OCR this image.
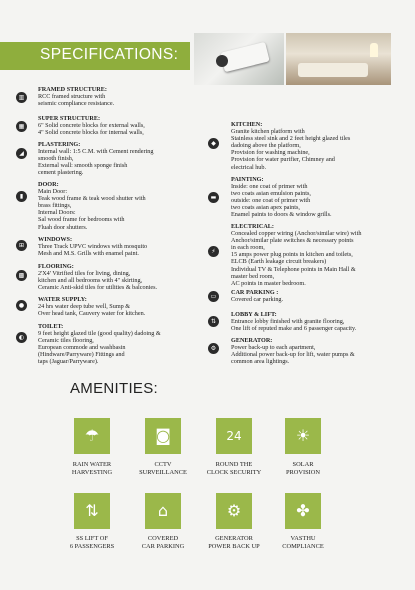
SPECIFICATIONS:
▥
FRAMED STRUCTURE:
RCC framed structure with
seismic compliance resistance.
▦
SUPER STRUCTURE:
6" Solid concrete blocks for external walls,
4" Solid concrete blocks for internal walls,
◢
PLASTERING:
Internal wall: 1:5 C.M. with Cement rendering
smooth finish,
External wall: smooth sponge finish
cement plastering.
▮
DOOR:
Main Door:
Teak wood frame & teak wood shutter with
brass fittings,
Internal Doors:
Sal wood frame for bedrooms with
Fluah door shutters.
⊞
WINDOWS:
Three Track UPVC windows with mosquito
Mesh and M.S. Grills with enamel paint.
▩
FLOORING:
2'X4' Vitrified tiles for living, dining,
kitchen and all bedrooms with 4" skirting,
Ceramic Anti-skid tiles for utilities & balconies.
●
WATER SUPPLY:
24 hrs water deep tube well, Sump &
Over head tank, Cauvery water for kitchen.
◐
TOILET:
9 feet height glazed tile (good quality) dadoing &
Ceramic tiles flooring,
European commode and washbasin
(Hindware/Parryware) Fittings and
taps (Jaguar/Parryware).
◆
KITCHEN:
Granite kitchen platform with
Stainless steel sink and 2 feet height glazed tiles
dadoing above the platform,
Provision for washing machine,
Provision for water purifier, Chimney and
electrical hub.
▬
PAINTING:
Inside: one coat of primer with
two coats asian emulsion paints,
outside: one coat of primer with
two coats asian apex paints,
Enamel paints to doors & window grills.
⚡
ELECTRICAL:
Concealed copper wiring (Anchor/similar wire) with
Anchor/similar plate switches & necessary points
in each room,
15 amps power plug points in kitchen and toilets,
ELCB (Earth leakage circuit breakers)
Individual TV & Telephone points in Main Hall &
master bed room,
AC points in master bedroom.
▭
CAR PARKING :
Covered car parking.
⇅
LOBBY & LIFT:
Entrance lobby finished with granite flooring,
One lift of reputed make and 6 passenger capacity.
⚙
GENERATOR:
Power back-up to each apartment,
Additional power back-up for lift, water pumps &
common area lightings.
AMENITIES:
☂
RAIN WATER
HARVESTING
◙
CCTV
SURVEILLANCE
24
ROUND THE
CLOCK SECURITY
☀
SOLAR
PROVISION
⇅
SS LIFT OF
6 PASSENGERS
⌂
COVERED
CAR PARKING
⚙
GENERATOR
POWER BACK UP
✤
VASTHU
COMPLIANCE
